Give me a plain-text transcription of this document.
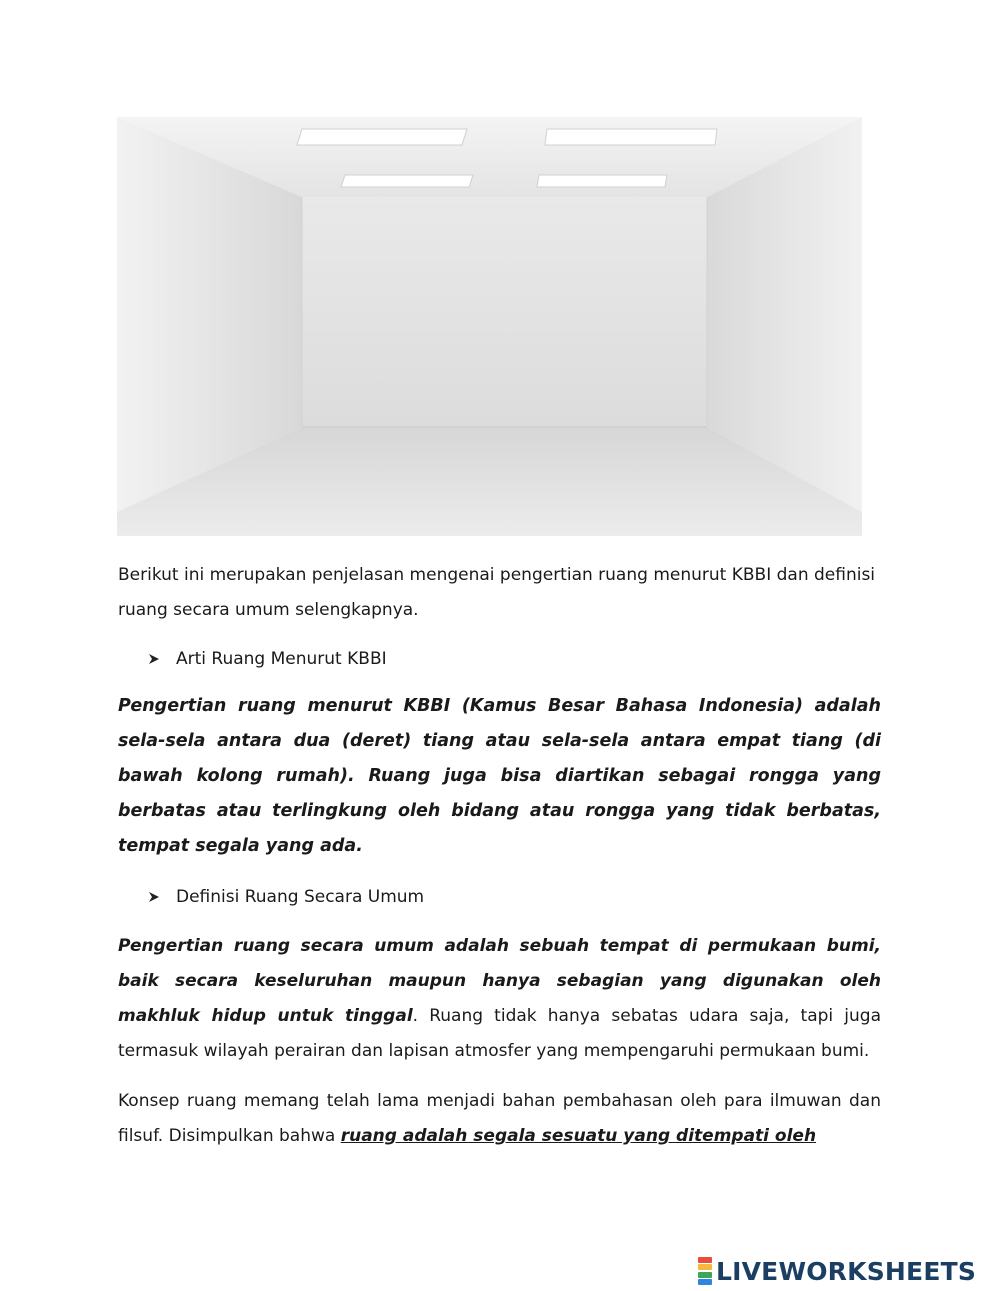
Berikut ini merupakan penjelasan mengenai pengertian ruang menurut KBBI dan definisi
ruang secara umum selengkapnya.

Arti Ruang Menurut KBBI

Pengertian ruang menurut KBBI (Kamus Besar Bahasa Indonesia) adalah sela-sela antara dua (deret) tiang atau sela-sela antara empat tiang (di bawah kolong rumah). Ruang juga bisa diartikan sebagai rongga yang berbatas atau terlingkung oleh bidang atau rongga yang tidak berbatas, tempat segala yang ada.

Definisi Ruang Secara Umum

Pengertian ruang secara umum adalah sebuah tempat di permukaan bumi, baik secara keseluruhan maupun hanya sebagian yang digunakan oleh makhluk hidup untuk tinggal. Ruang tidak hanya sebatas udara saja, tapi juga termasuk wilayah perairan dan lapisan atmosfer yang mempengaruhi permukaan bumi.

Konsep ruang memang telah lama menjadi bahan pembahasan oleh para ilmuwan dan filsuf. Disimpulkan bahwa ruang adalah segala sesuatu yang ditempati oleh

LIVEWORKSHEETS
